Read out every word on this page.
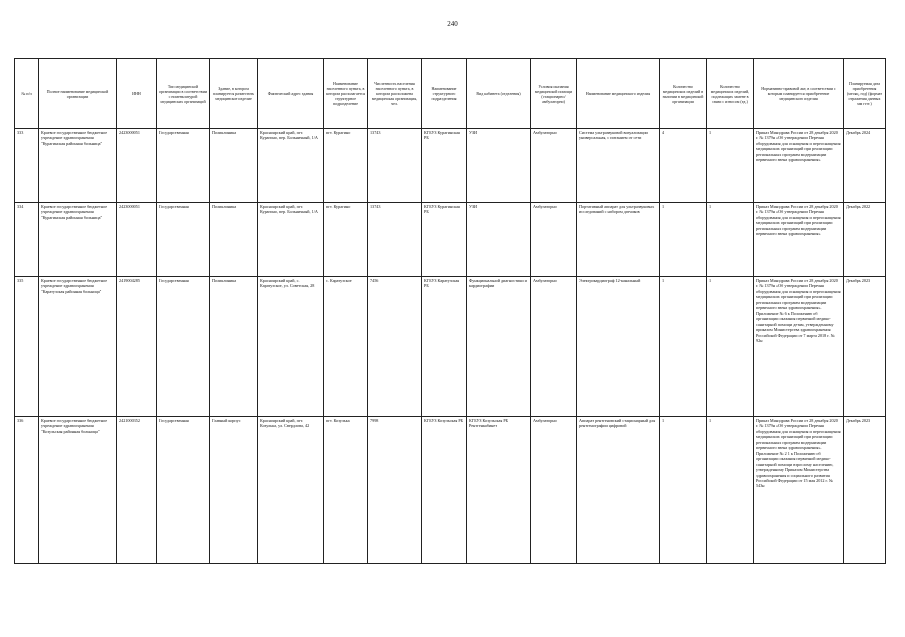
240
№ п/п	Полное наименование медицинской организации	ИНН	Тип медицинской организации в соответствии с номенклатурой медицинских организаций	Здание, в котором планируется разместить медицинское изделие	Фактический адрес здания	Наименование населенного пункта, в котором располагается структурное подразделение	Численность населения населенного пункта, в котором расположена медицинская организация, чел.	Наименование структурного подразделения	Вид кабинета (отделения)	Условия оказания медицинской помощи (стационарно/ амбулаторно)	Наименование медицинского изделия	Количество медицинских изделий в наличии в медицинской организации	Количество медицинских изделий, подлежащих замене в связи с износом (ед.)	Нормативно-правовой акт, в соответствии с которым планируется приобретение медицинского изделия	Планируемая дата приобретения (месяц, год) (формат отражения данных мм гггг.)
333	Краевое государственное бюджетное учреждение здравоохранения "Курагинская районная больница"	2423000051	Государственная	Поликлиника	Красноярский край, пгт. Курагино, пер. Больничный, 1/А	пгт. Курагино	13743	КГБУЗ Курагинская РБ	УЗИ	Амбулаторно	Система ультразвуковой визуализации универсальная, с питанием от сети	4	1	Приказ Минздрава России от 28 декабря 2020 г. № 1379н «Об утверждении Перечня оборудования для оснащения и переоснащения медицинских организаций при реализации региональных программ модернизации первичного звена здравоохранения»	Декабрь 2024
334	Краевое государственное бюджетное учреждение здравоохранения "Курагинская районная больница"	2423000051	Государственная	Поликлиника	Красноярский край, пгт. Курагино, пер. Больничный, 1/А	пгт. Курагино	13743	КГБУЗ Курагинская РБ	УЗИ	Амбулаторно	Портативный аппарат для ультразвуковых исследований с набором датчиков	1	1	Приказ Минздрава России от 28 декабря 2020 г. № 1379н «Об утверждении Перечня оборудования для оснащения и переоснащения медицинских организаций при реализации региональных программ модернизации первичного звена здравоохранения»	Декабрь 2022
335	Краевое государственное бюджетное учреждение здравоохранения "Каратузская районная больница"	2419004285	Государственная	Поликлиника	Красноярский край, с. Каратузское, ул. Советская, 28	с. Каратузское	7456	КГБУЗ Каратузская РБ	Функциональной диагностики и кардиографии	Амбулаторно	Электрокардиограф 12-канальный	1	1	Приказ Минздрава России от 28 декабря 2020 г. № 1379н «Об утверждении Перечня оборудования для оснащения и переоснащения медицинских организаций при реализации региональных программ модернизации первичного звена здравоохранения». Приложение № 6 к Положению об организации оказания первичной медико-санитарной помощи детям, утвержденному приказом Министерства здравоохранения Российской Федерации от 7 марта 2018 г. № 92н	Декабрь 2023
336	Краевое государственное бюджетное учреждение здравоохранения "Козульская районная больница"	2421000352	Государственная	Главный корпус	Красноярский край, пгт. Козулька, ул. Свердлова, 42	пгт. Козулька	7998	КГБУЗ Козульская РБ	КГБУЗ Козульская РБ Рентгенкабинет	Амбулаторно	Аппарат рентгеновский стационарный для рентгенографии цифровой	1	1	Приказ Минздрава России от 28 декабря 2020 г. № 1379н «Об утверждении Перечня оборудования для оснащения и переоснащения медицинских организаций при реализации региональных программ модернизации первичного звена здравоохранения». Приложение № 2 1 к Положению об организации оказания первичной медико-санитарной помощи взрослому населению, утвержденному Приказом Министерства здравоохранения и социального развития Российской Федерации от 15 мая 2012 г. № 543н	Декабрь 2023
